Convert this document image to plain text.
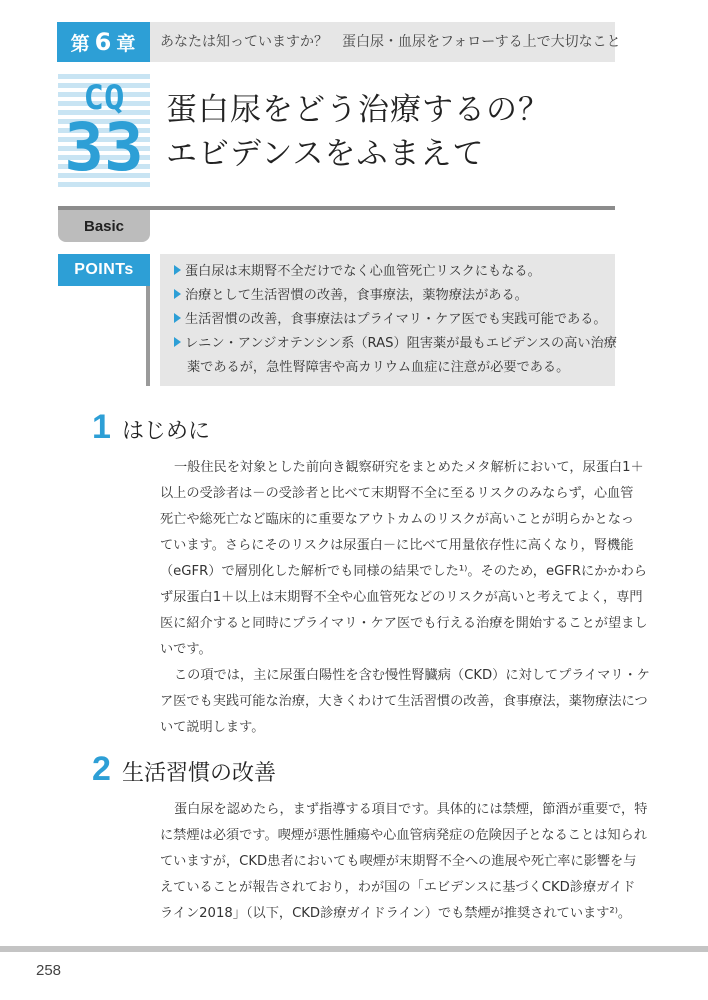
第 6 章 あなたは知っていますか？　蛋白尿・血尿をフォローする上で大切なこと
CQ
33 蛋白尿をどう治療するの？
エビデンスをふまえて
Basic
POINTs	蛋白尿は末期腎不全だけでなく心血管死亡リスクにもなる。
治療として生活習慣の改善，食事療法，薬物療法がある。
生活習慣の改善，食事療法はプライマリ・ケア医でも実践可能である。
レニン・アンジオテンシン系（RAS）阻害薬が最もエビデンスの高い治療
薬であるが，急性腎障害や高カリウム血症に注意が必要である。
1 はじめに
一般住民を対象とした前向き観察研究をまとめたメタ解析において，尿蛋白1＋
以上の受診者は－の受診者と比べて末期腎不全に至るリスクのみならず，心血管
死亡や総死亡など臨床的に重要なアウトカムのリスクが高いことが明らかとなっ
ています。さらにそのリスクは尿蛋白－に比べて用量依存性に高くなり，腎機能
（eGFR）で層別化した解析でも同様の結果でした¹⁾。そのため，eGFRにかかわら
ず尿蛋白1＋以上は末期腎不全や心血管死などのリスクが高いと考えてよく，専門
医に紹介すると同時にプライマリ・ケア医でも行える治療を開始することが望まし
いです。
この項では，主に尿蛋白陽性を含む慢性腎臓病（CKD）に対してプライマリ・ケ
ア医でも実践可能な治療，大きくわけて生活習慣の改善，食事療法，薬物療法につ
いて説明します。
2 生活習慣の改善
蛋白尿を認めたら，まず指導する項目です。具体的には禁煙，節酒が重要で，特
に禁煙は必須です。喫煙が悪性腫瘍や心血管病発症の危険因子となることは知られ
ていますが，CKD患者においても喫煙が末期腎不全への進展や死亡率に影響を与
えていることが報告されており，わが国の「エビデンスに基づくCKD診療ガイド
ライン2018」（以下，CKD診療ガイドライン）でも禁煙が推奨されています²⁾。
258
